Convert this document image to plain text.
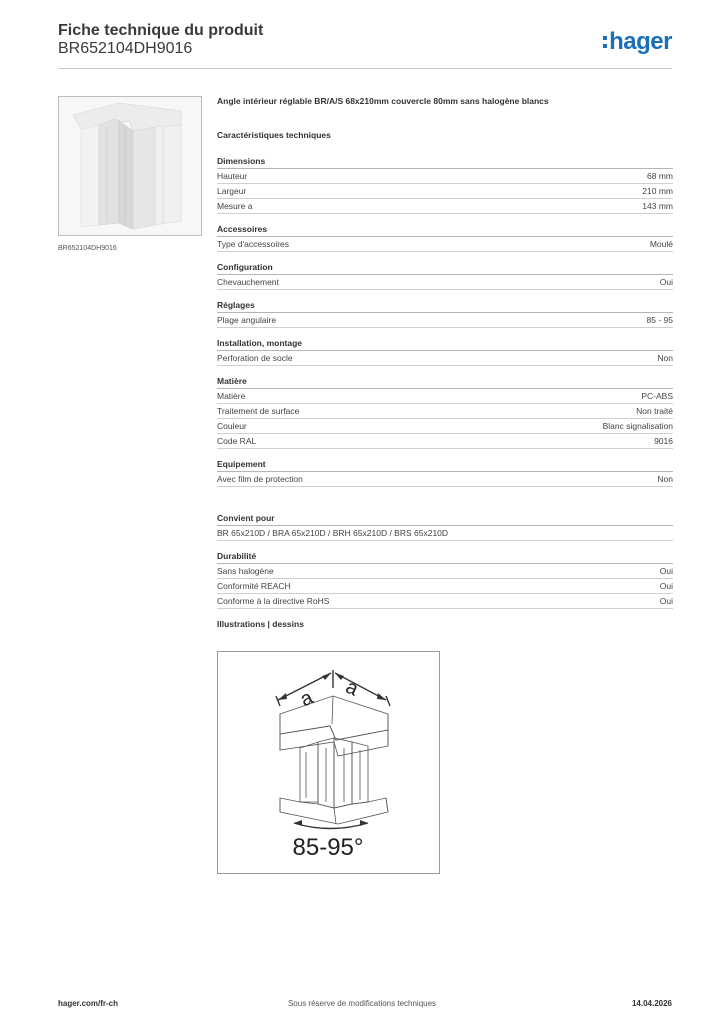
Fiche technique du produit
BR652104DH9016	hager
BR652104DH9016
Angle intérieur réglable BR/A/S 68x210mm couvercle 80mm sans halogène blancs
Caractéristiques techniques
Dimensions
Hauteur	68 mm
Largeur	210 mm
Mesure a	143 mm
Accessoires
Type d'accessoires	Moulé
Configuration
Chevauchement	Oui
Réglages
Plage angulaire	85 - 95
Installation, montage
Perforation de socle	Non
Matière
Matière	PC-ABS
Traitement de surface	Non traité
Couleur	Blanc signalisation
Code RAL	9016
Equipement
Avec film de protection	Non
Convient pour
BR 65x210D / BRA 65x210D / BRH 65x210D / BRS 65x210D
Durabilité
Sans halogène	Oui
Conformité REACH	Oui
Conforme à la directive RoHS	Oui
Illustrations | dessins
a a
85-95°
hager.com/fr-ch	Sous réserve de modifications techniques	14.04.2026
